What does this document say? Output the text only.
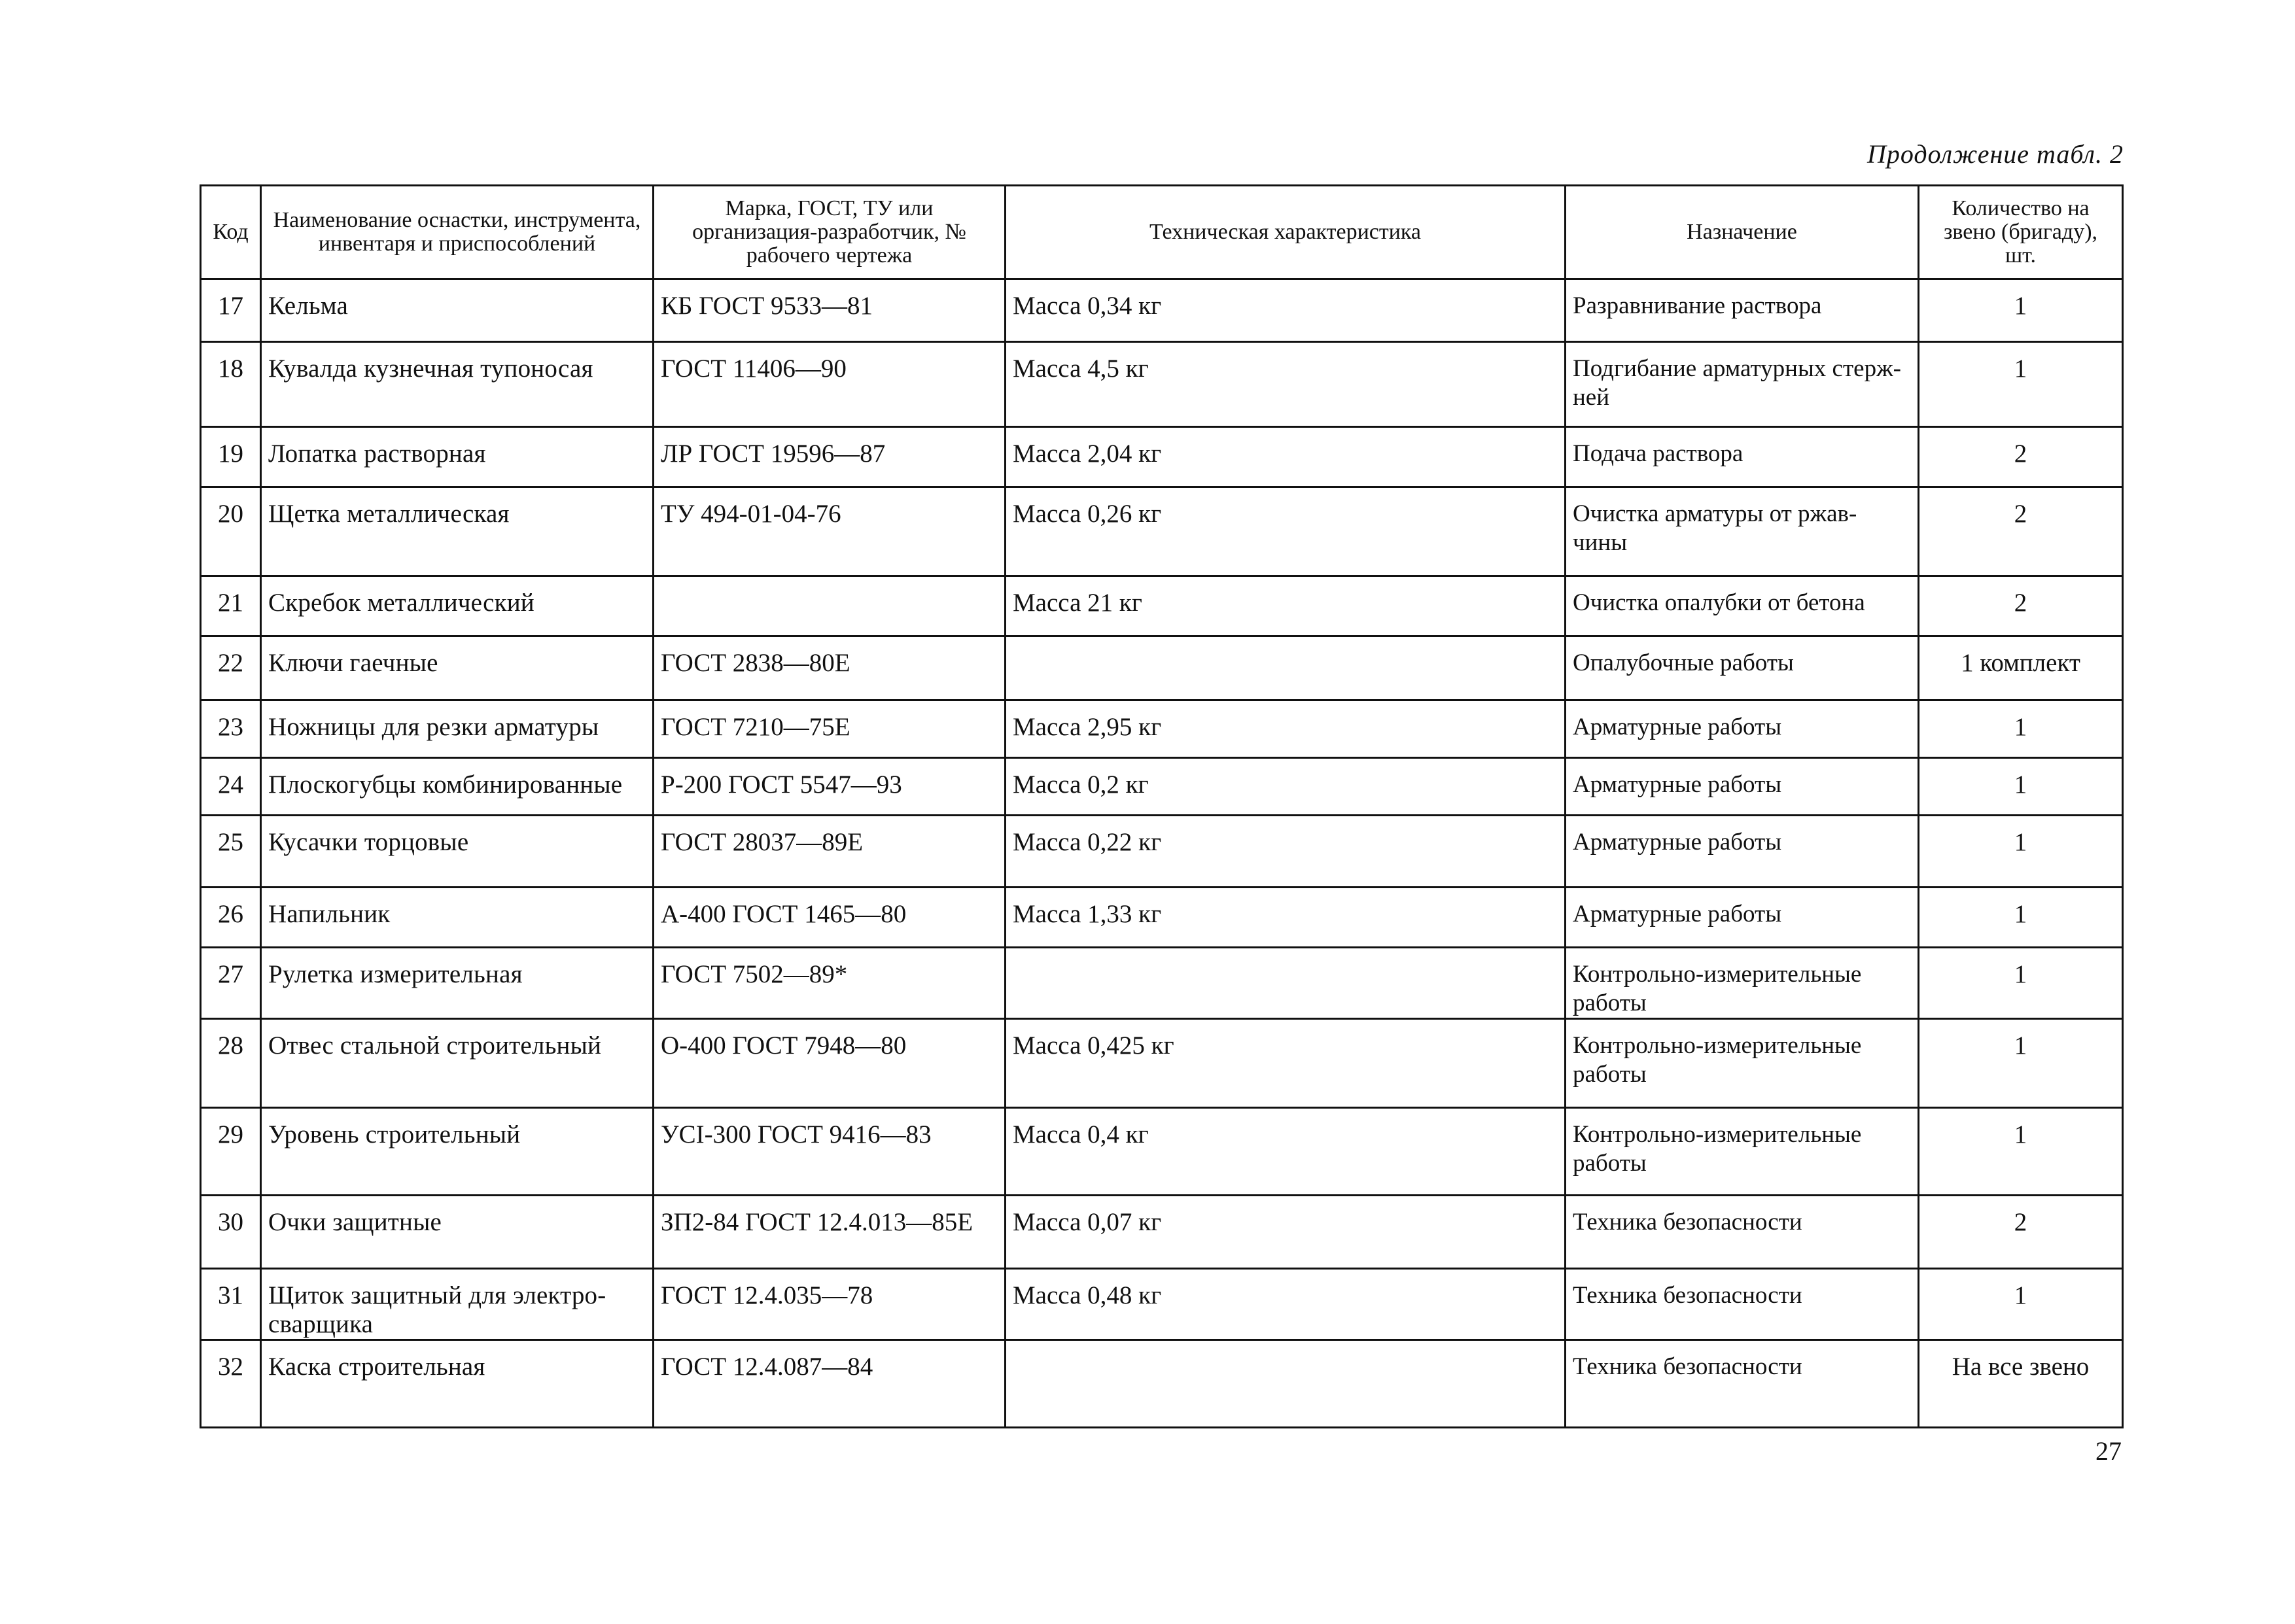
Продолжение табл. 2
Код	Наименование оснастки, инструмента, инвентаря и приспособлений	Марка, ГОСТ, ТУ или организация-разработчик, № рабочего чертежа	Техническая характеристика	Назначение	Количество на звено (бригаду), шт.
17	Кельма	КБ ГОСТ 9533—81	Масса 0,34 кг	Разравнивание раствора	1
18	Кувалда кузнечная тупоносая	ГОСТ 11406—90	Масса 4,5 кг	Подгибание арматурных стерж-ней	1
19	Лопатка растворная	ЛР ГОСТ 19596—87	Масса 2,04 кг	Подача раствора	2
20	Щетка металлическая	ТУ 494-01-04-76	Масса 0,26 кг	Очистка арматуры от ржав-чины	2
21	Скребок металлический		Масса 21 кг	Очистка опалубки от бетона	2
22	Ключи гаечные	ГОСТ 2838—80Е		Опалубочные работы	1 комплект
23	Ножницы для резки арматуры	ГОСТ 7210—75Е	Масса 2,95 кг	Арматурные работы	1
24	Плоскогубцы комбинированные	Р-200 ГОСТ 5547—93	Масса 0,2 кг	Арматурные работы	1
25	Кусачки торцовые	ГОСТ 28037—89Е	Масса 0,22 кг	Арматурные работы	1
26	Напильник	А-400 ГОСТ 1465—80	Масса 1,33 кг	Арматурные работы	1
27	Рулетка измерительная	ГОСТ 7502—89*		Контрольно-измерительные работы	1
28	Отвес стальной строительный	О-400 ГОСТ 7948—80	Масса 0,425 кг	Контрольно-измерительные работы	1
29	Уровень строительный	УСI-300 ГОСТ 9416—83	Масса 0,4 кг	Контрольно-измерительные работы	1
30	Очки защитные	ЗП2-84 ГОСТ 12.4.013—85Е	Масса 0,07 кг	Техника безопасности	2
31	Щиток защитный для электро-сварщика	ГОСТ 12.4.035—78	Масса 0,48 кг	Техника безопасности	1
32	Каска строительная	ГОСТ 12.4.087—84		Техника безопасности	На все звено
27
